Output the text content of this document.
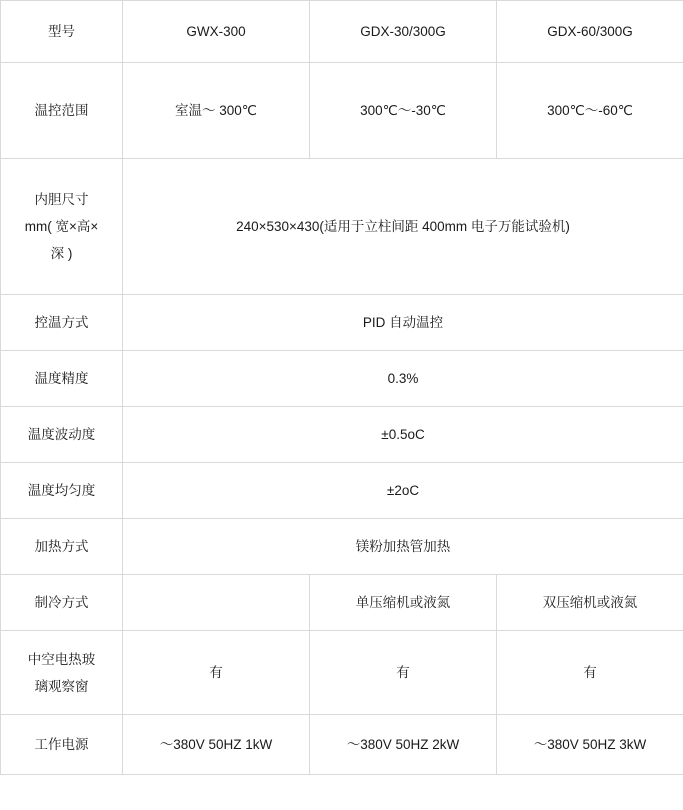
型号	GWX-300	GDX-30/300G	GDX-60/300G
温控范围	室温～ 300℃	300℃～-30℃	300℃～-60℃

内胆尺寸
mm( 宽×高×
深 )	240×530×430(适用于立柱间距 400mm 电子万能试验机)		
控温方式	PID 自动温控		
温度精度	0.3%		
温度波动度	±0.5oC		
温度均匀度	±2oC		
加热方式	镁粉加热管加热		
制冷方式		单压缩机或液氮	双压缩机或液氮

中空电热玻
璃观察窗	有	有	有
工作电源	～380V 50HZ 1kW	～380V 50HZ 2kW	～380V 50HZ 3kW
